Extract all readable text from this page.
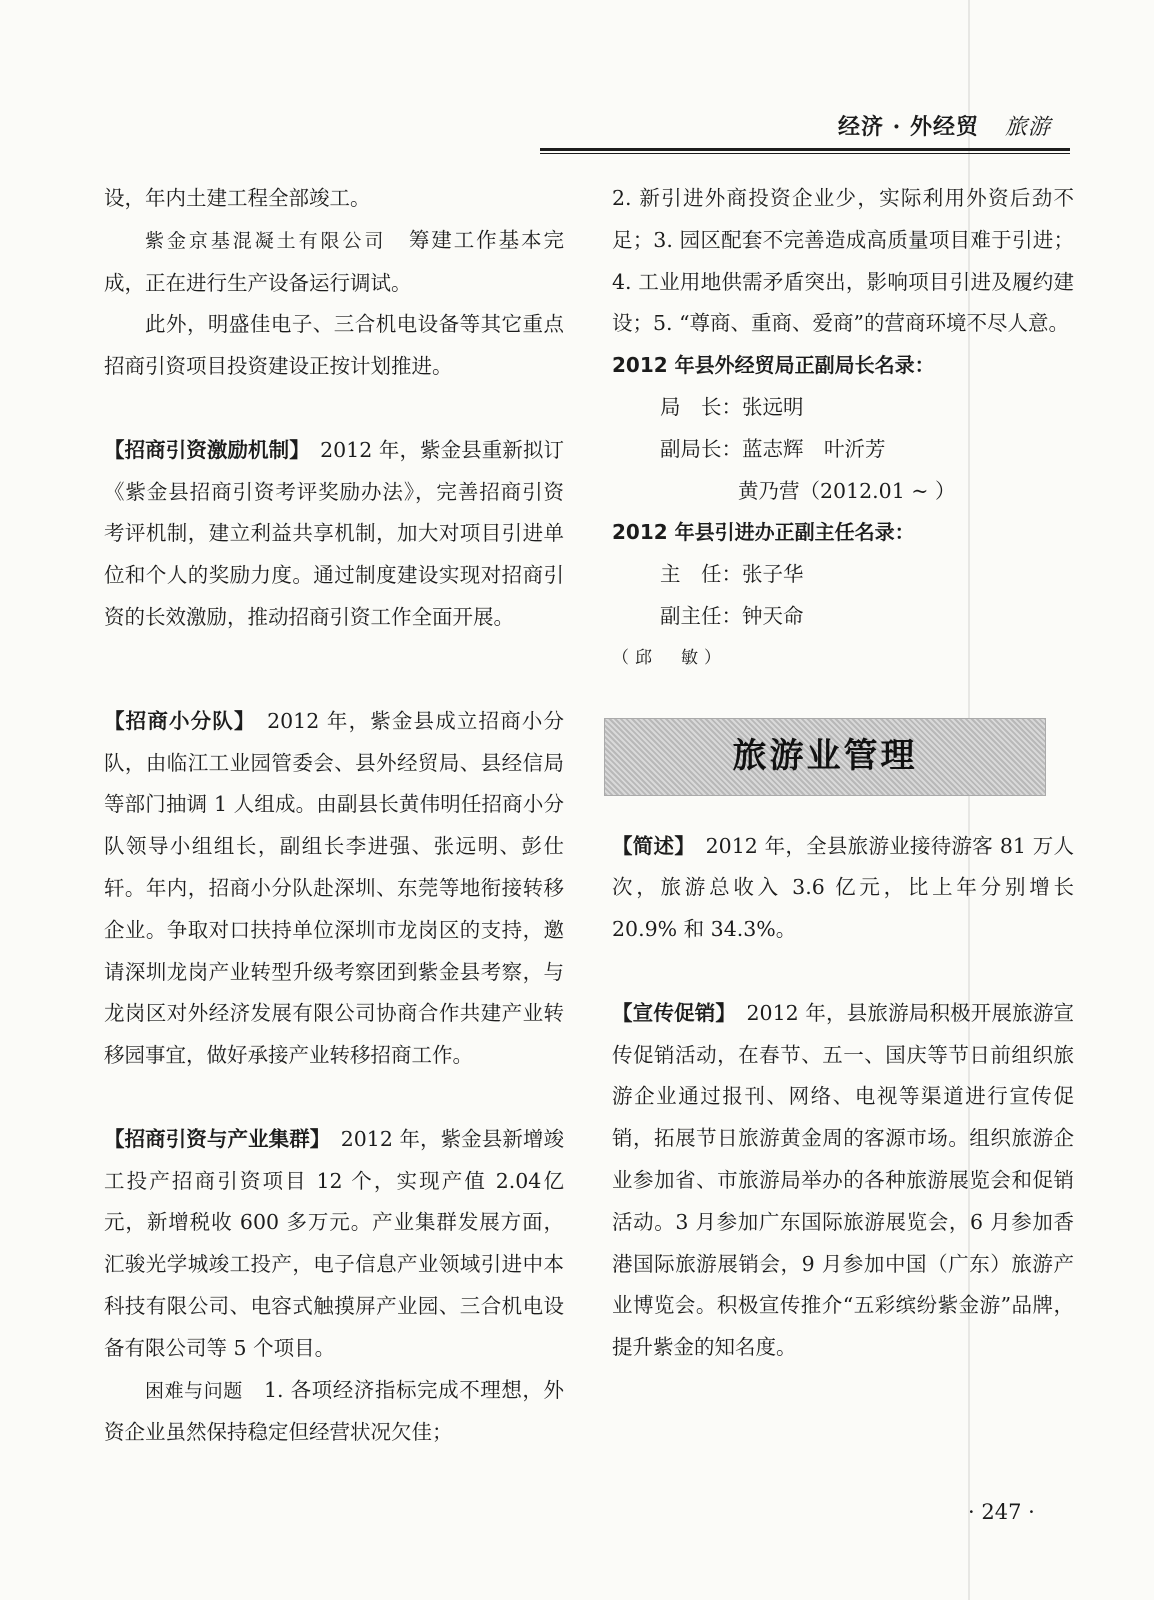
经济 · 外经贸 旅游

设，年内土建工程全部竣工。

紫金京基混凝土有限公司　 筹建工作基本完成，正在进行生产设备运行调试。

此外，明盛佳电子、三合机电设备等其它重点招商引资项目投资建设正按计划推进。

【招商引资激励机制】　 2012 年，紫金县重新拟订《紫金县招商引资考评奖励办法》，完善招商引资考评机制，建立利益共享机制，加大对项目引进单位和个人的奖励力度。通过制度建设实现对招商引资的长效激励，推动招商引资工作全面开展。

【招商小分队】　 2012 年，紫金县成立招商小分队，由临江工业园管委会、县外经贸局、县经信局等部门抽调 1 人组成。由副县长黄伟明任招商小分队领导小组组长，副组长李进强、张远明、彭仕轩。年内，招商小分队赴深圳、东莞等地衔接转移企业。争取对口扶持单位深圳市龙岗区的支持，邀请深圳龙岗产业转型升级考察团到紫金县考察，与龙岗区对外经济发展有限公司协商合作共建产业转移园事宜，做好承接产业转移招商工作。

【招商引资与产业集群】　 2012 年，紫金县新增竣工投产招商引资项目 12 个，实现产值 2.04亿元，新增税收 600 多万元。产业集群发展方面，汇骏光学城竣工投产，电子信息产业领域引进中本科技有限公司、电容式触摸屏产业园、三合机电设备有限公司等 5 个项目。

困难与问题　 1. 各项经济指标完成不理想，外资企业虽然保持稳定但经营状况欠佳；

2. 新引进外商投资企业少，实际利用外资后劲不足；3. 园区配套不完善造成高质量项目难于引进；4. 工业用地供需矛盾突出，影响项目引进及履约建设；5. “尊商、重商、爱商”的营商环境不尽人意。

2012 年县外经贸局正副局长名录：

局　长：张远明

副局长：蓝志辉　叶沂芳

黄乃营（2012.01 ~ ）

2012 年县引进办正副主任名录：

主　任：张子华

副主任：钟天命

（邱　敏）

旅游业管理

【简述】　 2012 年，全县旅游业接待游客 81 万人次，旅游总收入 3.6 亿元，比上年分别增长 20.9% 和 34.3%。

【宣传促销】　 2012 年，县旅游局积极开展旅游宣传促销活动，在春节、五一、国庆等节日前组织旅游企业通过报刊、网络、电视等渠道进行宣传促销，拓展节日旅游黄金周的客源市场。组织旅游企业参加省、市旅游局举办的各种旅游展览会和促销活动。3 月参加广东国际旅游展览会，6 月参加香港国际旅游展销会，9 月参加中国（广东）旅游产业博览会。积极宣传推介“五彩缤纷紫金游”品牌，提升紫金的知名度。

· 247 ·
